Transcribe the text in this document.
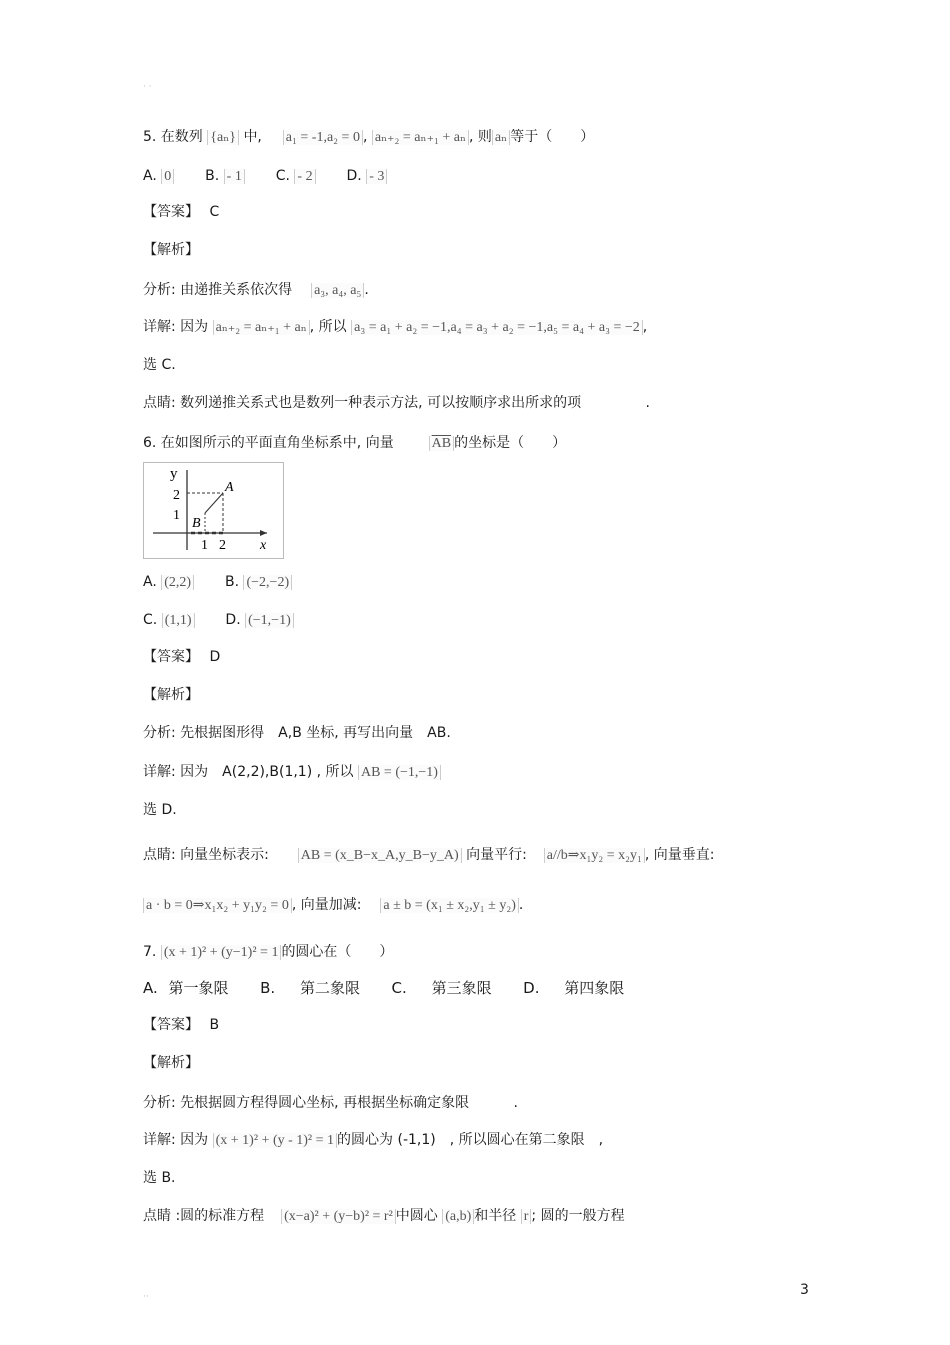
· ·
5. 在数列 {aₙ} 中, a₁ = -1,a₂ = 0 , aₙ₊₂ = aₙ₊₁ + aₙ , 则 aₙ 等于（　　）
A. 0 B. - 1 C. - 2 D. - 3
【答案】 C
【解析】
分析: 由递推关系依次得 a₃, a₄, a₅ .
详解: 因为 aₙ₊₂ = aₙ₊₁ + aₙ , 所以 a₃ = a₁ + a₂ = −1,a₄ = a₃ + a₂ = −1,a₅ = a₄ + a₃ = −2 ,
选 C.
点睛: 数列递推关系式也是数列一种表示方法, 可以按顺序求出所求的项	.
6. 在如图所示的平面直角坐标系中, 向量	$\overline{AB}$ 的坐标是（　　）
y
x
2
1
1 2
A
B
A. (2,2) B. (−2,−2)
C. (1,1) D. (−1,−1)
【答案】 D
【解析】
分析: 先根据图形得　A,B 坐标, 再写出向量　AB.
详解: 因为　A(2,2),B(1,1) , 所以 AB = (−1,−1)
选 D.
点睛: 向量坐标表示: AB = (x_B−x_A,y_B−y_A) 向量平行: a//b⇒x₁y₂ = x₂y₁ , 向量垂直:
a · b = 0⇒x₁x₂ + y₁y₂ = 0 , 向量加减: a ± b = (x₁ ± x₂,y₁ ± y₂) .
7. (x + 1)² + (y−1)² = 1 的圆心在（　　）
A. 第一象限 B. 第二象限 C. 第三象限 D. 第四象限
【答案】 B
【解析】
分析: 先根据圆方程得圆心坐标, 再根据坐标确定象限	.
详解: 因为 (x + 1)² + (y - 1)² = 1 的圆心为 (-1,1)　, 所以圆心在第二象限　,
选 B.
点睛 :圆的标准方程 (x−a)² + (y−b)² = r² 中圆心 (a,b) 和半径 r ; 圆的一般方程
··	3
